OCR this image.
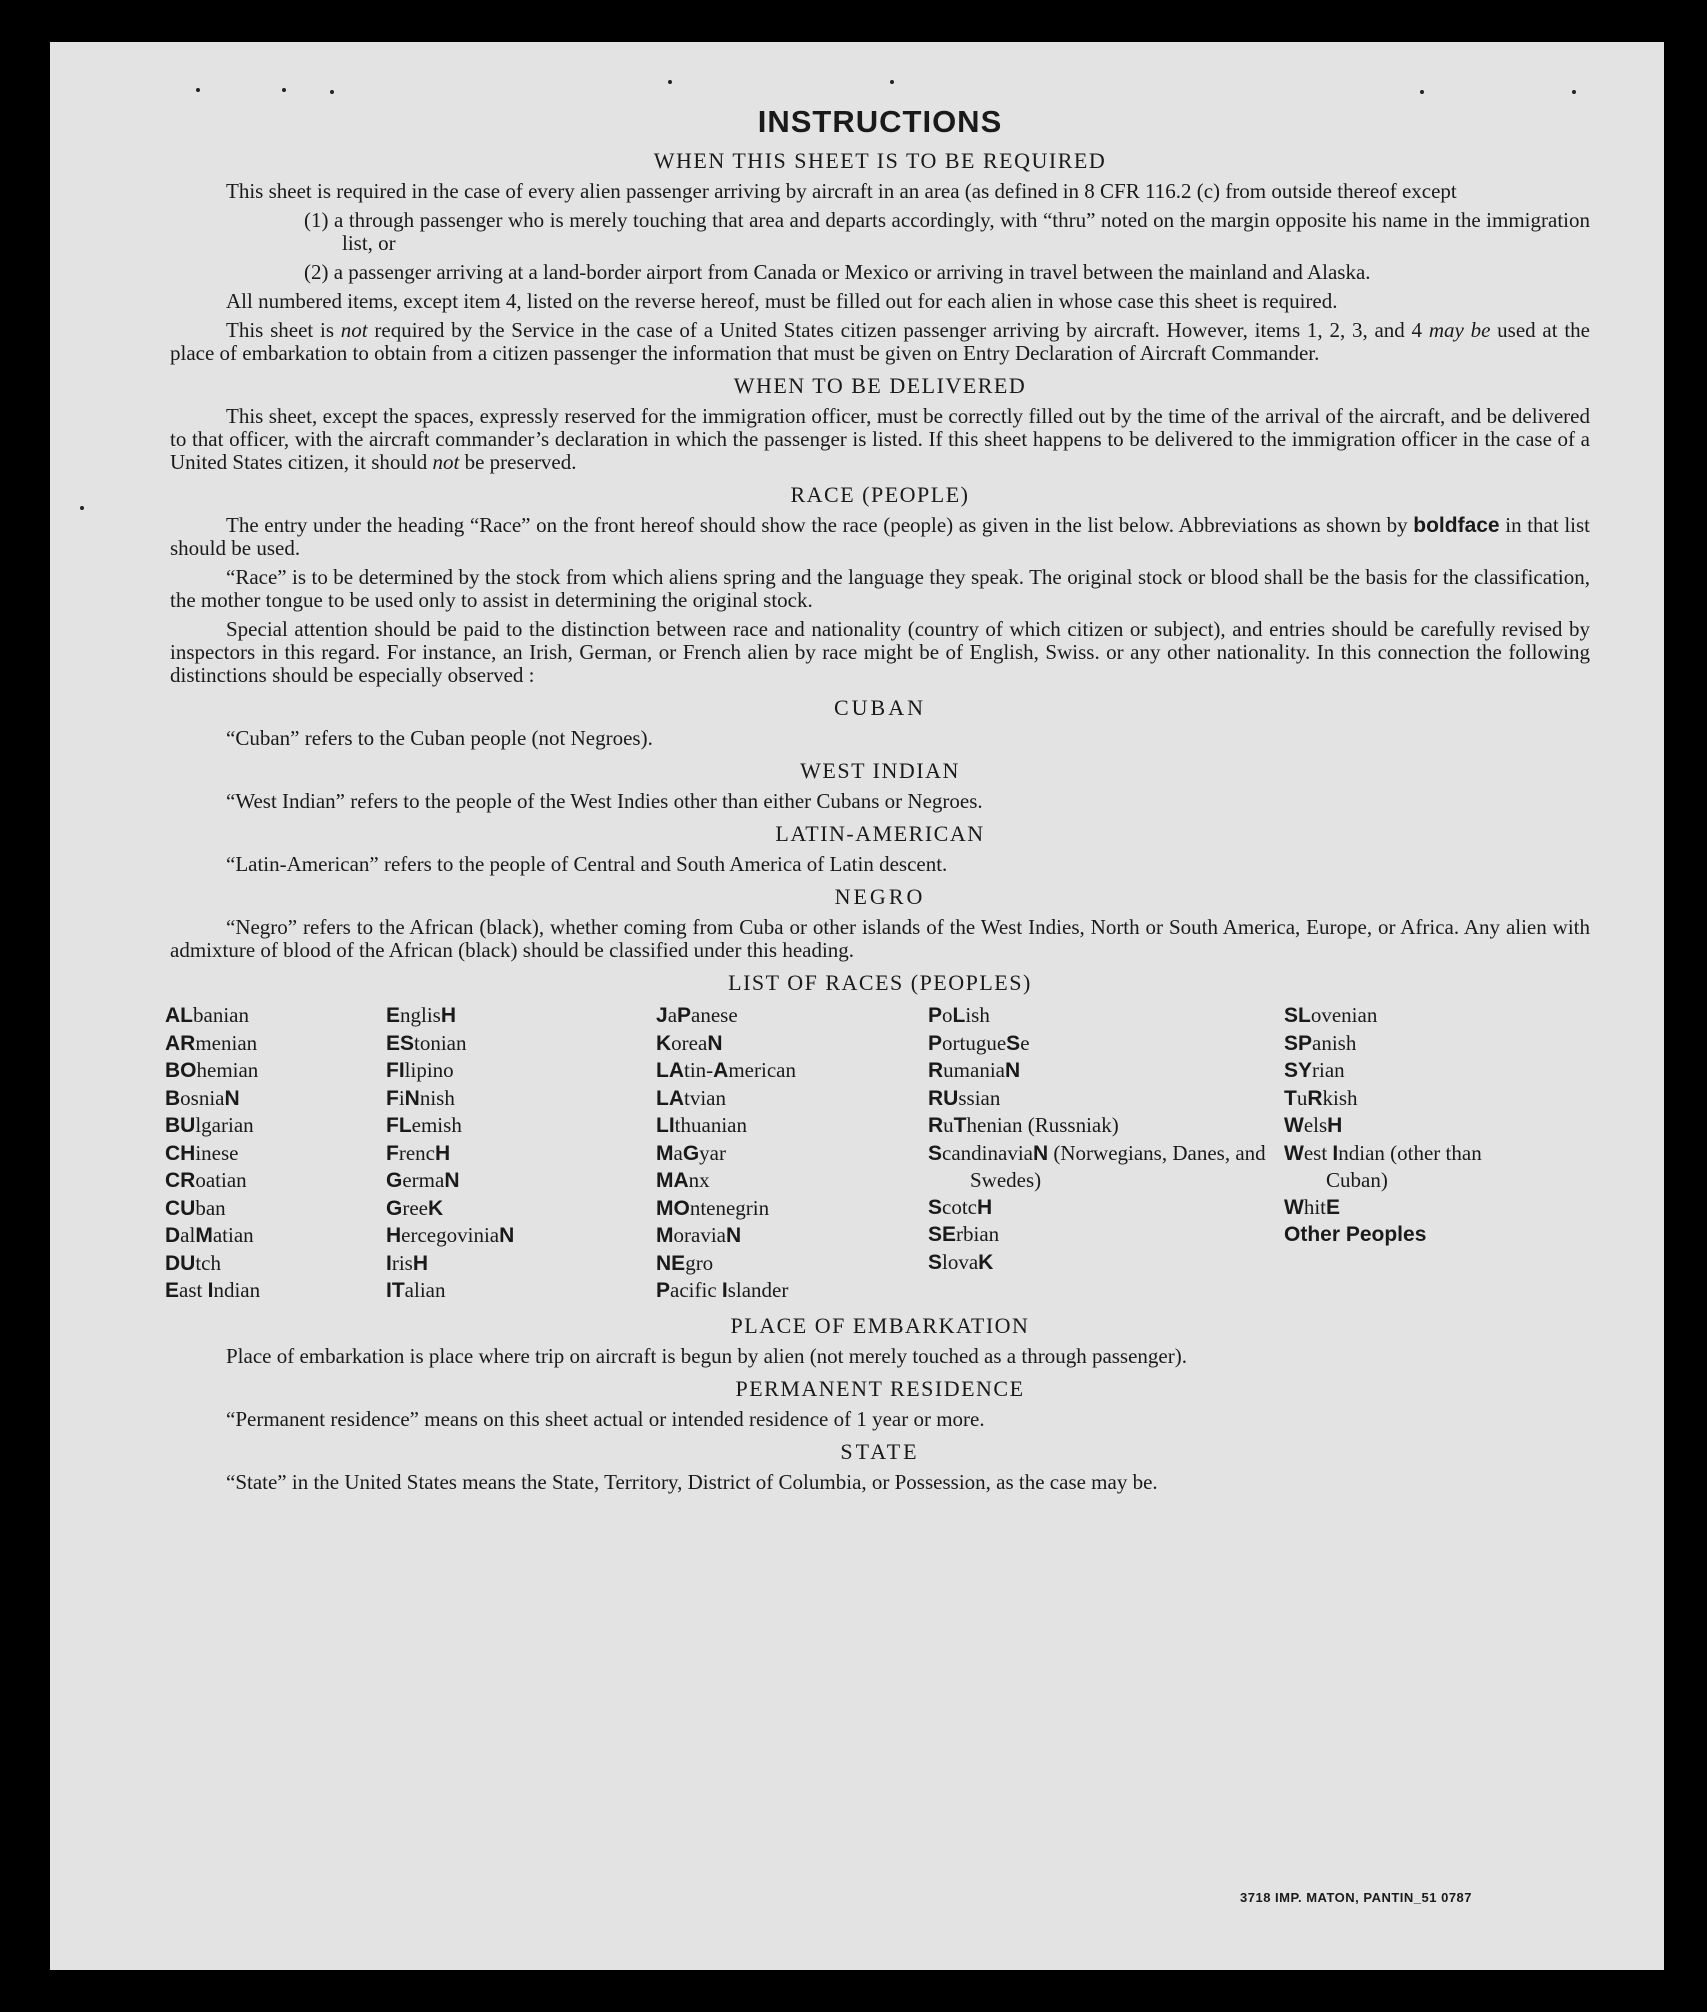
INSTRUCTIONS
WHEN THIS SHEET IS TO BE REQUIRED

This sheet is required in the case of every alien passenger arriving by aircraft in an area (as defined in 8 CFR 116.2 (c) from outside thereof except

(1) a through passenger who is merely touching that area and departs accordingly, with “thru” noted on the margin opposite his name in the immigration list, or
(2) a passenger arriving at a land-border airport from Canada or Mexico or arriving in travel between the mainland and Alaska.

All numbered items, except item 4, listed on the reverse hereof, must be filled out for each alien in whose case this sheet is required.

This sheet is not required by the Service in the case of a United States citizen passenger arriving by aircraft. However, items 1, 2, 3, and 4 may be used at the place of embarkation to obtain from a citizen passenger the information that must be given on Entry Declaration of Aircraft Commander.

WHEN TO BE DELIVERED

This sheet, except the spaces, expressly reserved for the immigration officer, must be correctly filled out by the time of the arrival of the aircraft, and be delivered to that officer, with the aircraft commander’s declaration in which the passenger is listed. If this sheet happens to be delivered to the immigration officer in the case of a United States citizen, it should not be preserved.

RACE (PEOPLE)

The entry under the heading “Race” on the front hereof should show the race (people) as given in the list below. Abbreviations as shown by boldface in that list should be used.

“Race” is to be determined by the stock from which aliens spring and the language they speak. The original stock or blood shall be the basis for the classification, the mother tongue to be used only to assist in determining the original stock.

Special attention should be paid to the distinction between race and nationality (country of which citizen or subject), and entries should be carefully revised by inspectors in this regard. For instance, an Irish, German, or French alien by race might be of English, Swiss. or any other nationality. In this connection the following distinctions should be especially observed :

CUBAN

“Cuban” refers to the Cuban people (not Negroes).

WEST INDIAN

“West Indian” refers to the people of the West Indies other than either Cubans or Negroes.

LATIN-AMERICAN

“Latin-American” refers to the people of Central and South America of Latin descent.

NEGRO

“Negro” refers to the African (black), whether coming from Cuba or other islands of the West Indies, North or South America, Europe, or Africa. Any alien with admixture of blood of the African (black) should be classified under this heading.

LIST OF RACES (PEOPLES)
ALbanian
ARmenian
BOhemian
BosniaN
BUlgarian
CHinese
CRoatian
CUban
DalMatian
DUtch
East Indian
EnglisH
EStonian
FIlipino
FiNnish
FLemish
FrencH
GermaN
GreeK
HercegoviniaN
IrisH
ITalian
JaPanese
KoreaN
LAtin-American
LAtvian
LIthuanian
MaGyar
MAnx
MOntenegrin
MoraviaN
NEgro
Pacific Islander
PoLish
PortugueSe
RumaniaN
RUssian
RuThenian (Russniak)
ScandinaviaN (Norwegians, Danes, and Swedes)
ScotcH
SErbian
SlovaK
SLovenian
SPanish
SYrian
TuRkish
WelsH
West Indian (other than Cuban)
WhitE
Other Peoples
PLACE OF EMBARKATION

Place of embarkation is place where trip on aircraft is begun by alien (not merely touched as a through passenger).

PERMANENT RESIDENCE

“Permanent residence” means on this sheet actual or intended residence of 1 year or more.

STATE

“State” in the United States means the State, Territory, District of Columbia, or Possession, as the case may be.

3718 IMP. MATON, PANTIN_51 0787
